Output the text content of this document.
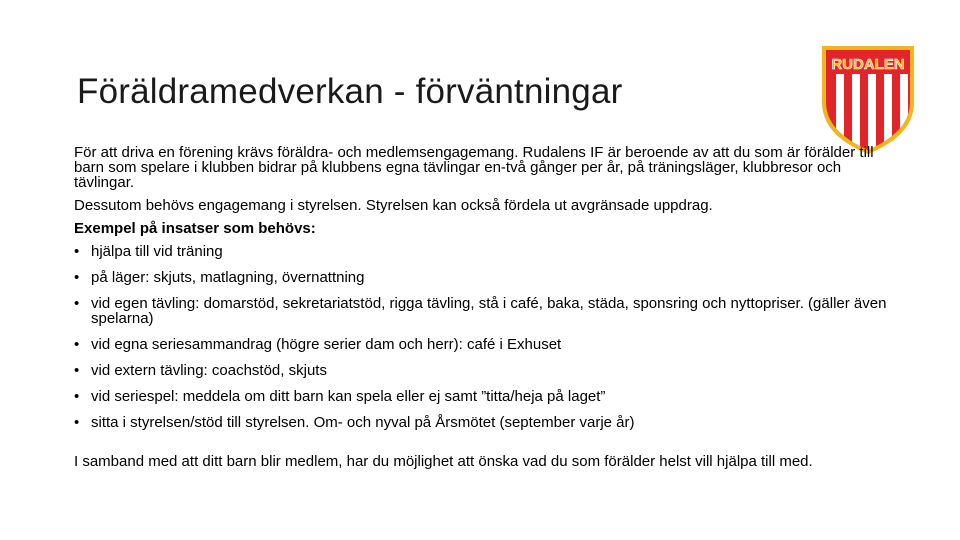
Föräldramedverkan - förväntningar
RUDALEN

För att driva en förening krävs föräldra- och medlemsengagemang. Rudalens IF är beroende av att du som är förälder till barn som spelare i klubben bidrar på klubbens egna tävlingar en-två gånger per år, på träningsläger, klubbresor och tävlingar.

Dessutom behövs engagemang i styrelsen. Styrelsen kan också fördela ut avgränsade uppdrag.

Exempel på insatser som behövs:

• hjälpa till vid träning
• på läger: skjuts, matlagning, övernattning
• vid egen tävling: domarstöd, sekretariatstöd, rigga tävling, stå i café, baka, städa, sponsring och nyttopriser. (gäller även spelarna)
• vid egna seriesammandrag (högre serier dam och herr): café i Exhuset
• vid extern tävling: coachstöd, skjuts
• vid seriespel: meddela om ditt barn kan spela eller ej samt ”titta/heja på laget”
• sitta i styrelsen/stöd till styrelsen. Om- och nyval på Årsmötet (september varje år)

I samband med att ditt barn blir medlem, har du möjlighet att önska vad du som förälder helst vill hjälpa till med.
